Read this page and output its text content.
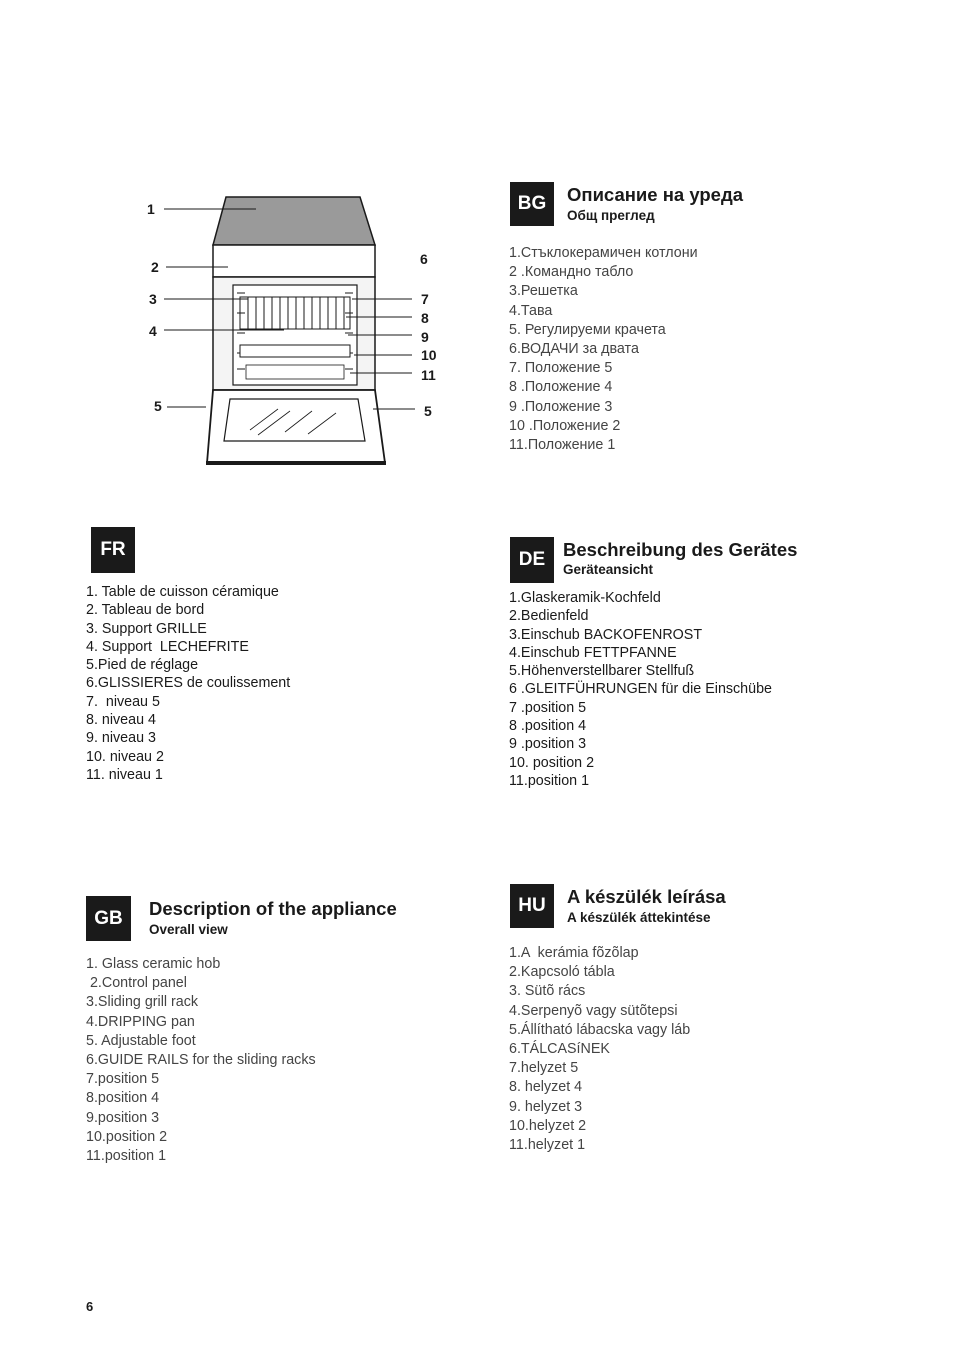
1
2
3
4
5
6
7
8
9
10
11
5
BG	Описание на уреда
Общ преглед
1.Стъклокерамичен котлони
2 .Командно табло
3.Решетка
4.Тава
5. Регулируеми крачета
6.ВОДАЧИ за двата
7. Положение 5
8 .Положение 4
9 .Положение 3
10 .Положение 2
11.Положение 1
FR
1. Table de cuisson céramique
2. Tableau de bord
3. Support GRILLE
4. Support  LECHEFRITE
5.Pied de réglage
6.GLISSIERES de coulissement
7.  niveau 5
8. niveau 4
9. niveau 3
10. niveau 2
11. niveau 1
DE Beschreibung des Gerätes
Geräteansicht
1.Glaskeramik-Kochfeld
2.Bedienfeld
3.Einschub BACKOFENROST
4.Einschub FETTPFANNE
5.Höhenverstellbarer Stellfuß
6 .GLEITFÜHRUNGEN für die Einschübe
7 .position 5
8 .position 4
9 .position 3
10. position 2
11.position 1
GB	Description of the appliance
Overall view
1. Glass ceramic hob
2.Control panel
3.Sliding grill rack
4.DRIPPING pan
5. Adjustable foot
6.GUIDE RAILS for the sliding racks
7.position 5
8.position 4
9.position 3
10.position 2
11.position 1
HU	A készülék leírása
A készülék áttekintése
1.A  kerámia fõzõlap
2.Kapcsoló tábla
3. Sütõ rács
4.Serpenyõ vagy sütõtepsi
5.Állítható lábacska vagy láb
6.TÁLCASíNEK
7.helyzet 5
8. helyzet 4
9. helyzet 3
10.helyzet 2
11.helyzet 1
6
